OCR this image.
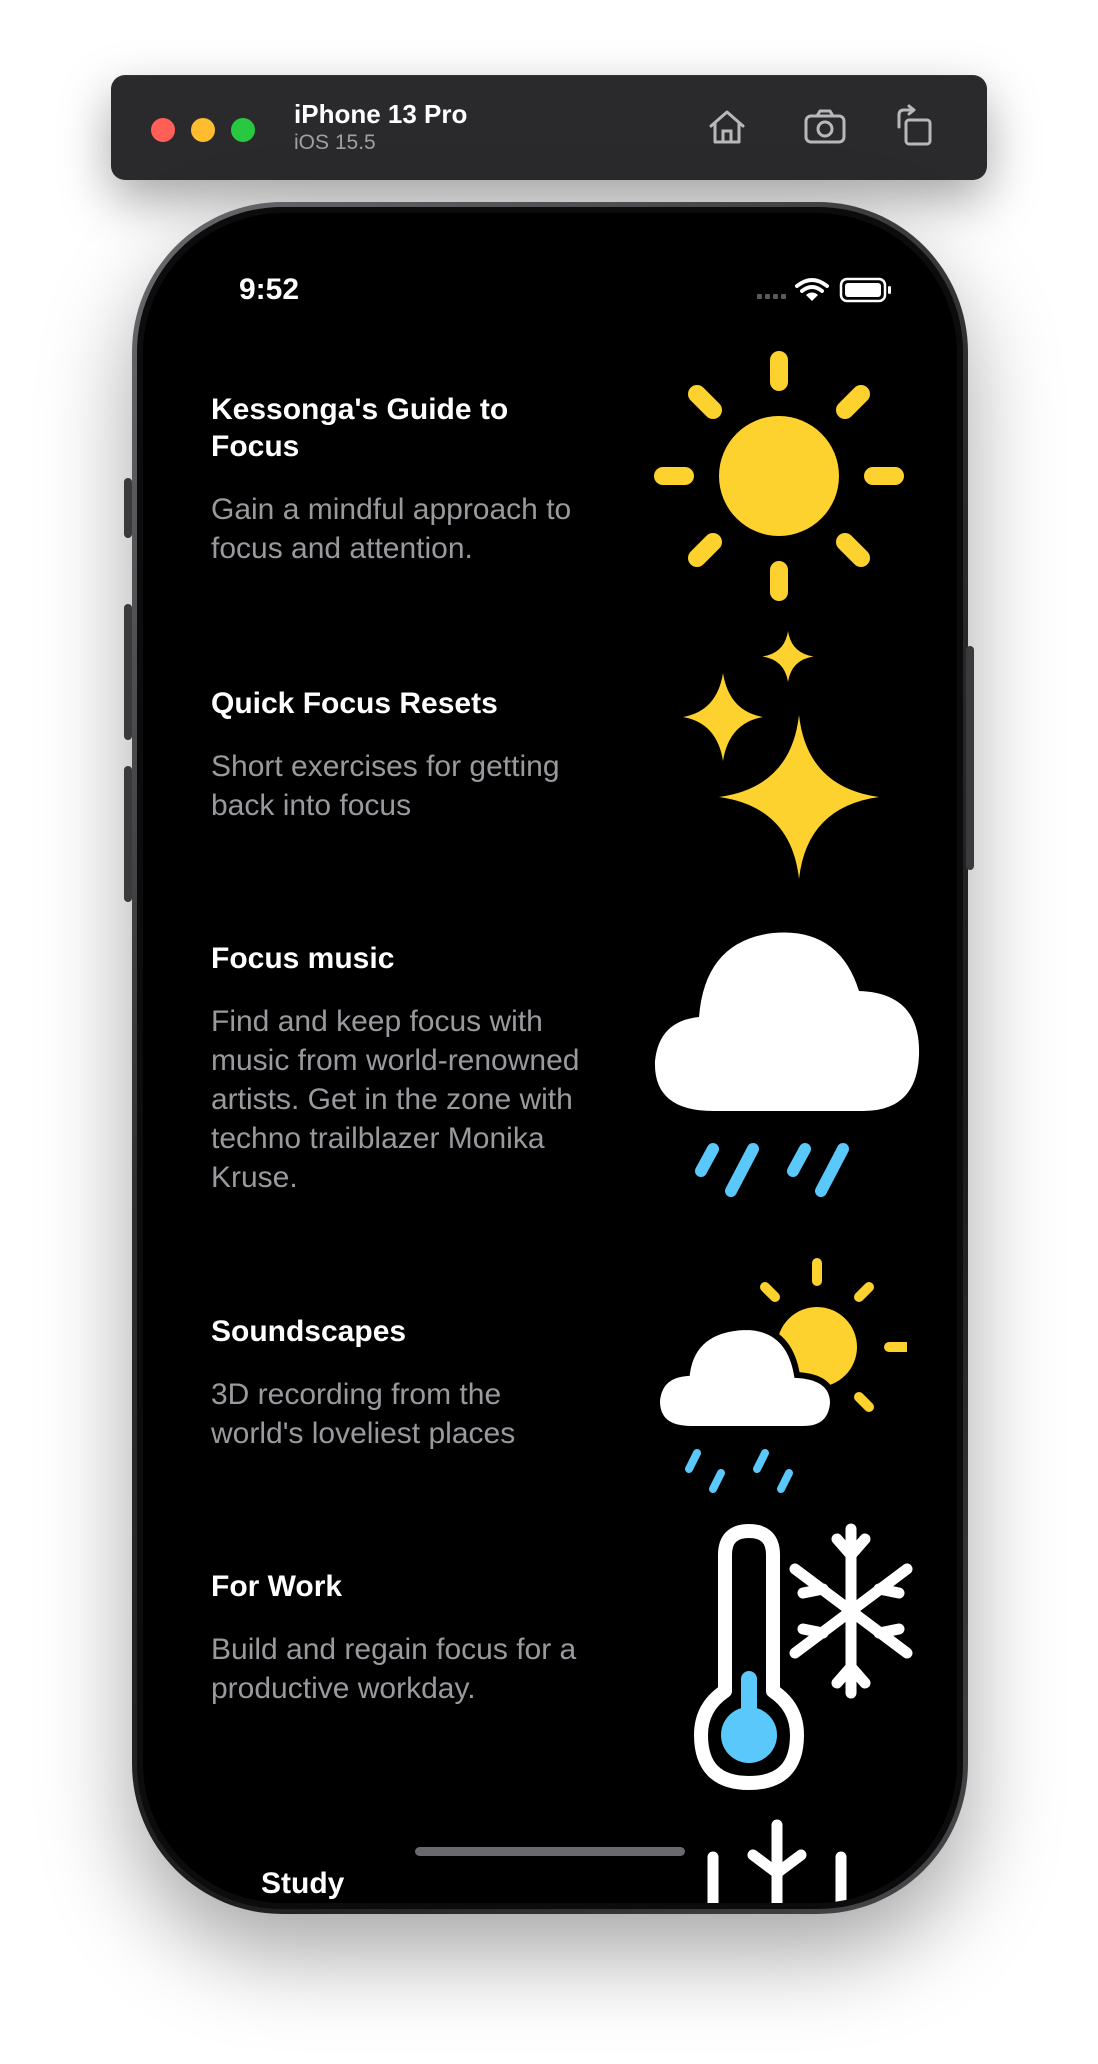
iPhone 13 Pro
iOS 15.5
9:52
Kessonga's Guide to Focus
Gain a mindful approach to focus and attention.
Quick Focus Resets
Short exercises for getting back into focus
Focus music
Find and keep focus with music from world-renowned artists. Get in the zone with techno trailblazer Monika Kruse.
Soundscapes
3D recording from the world's loveliest places
For Work
Build and regain focus for a productive workday.
Study
